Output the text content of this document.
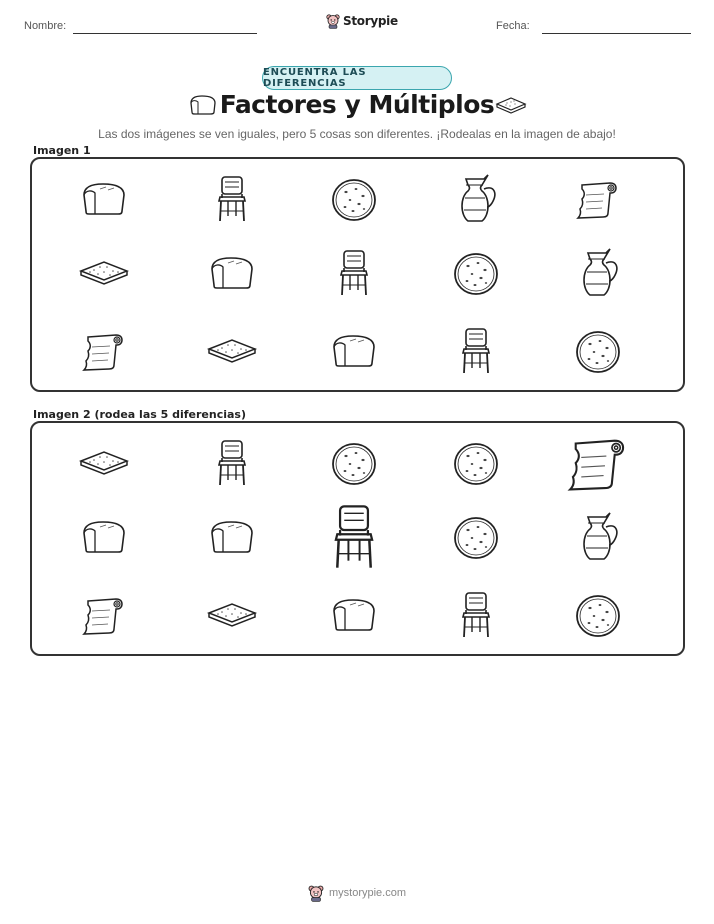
Nombre:	Storypie	Fecha:
ENCUENTRA LAS DIFERENCIAS
Factores y Múltiplos
Las dos imágenes se ven iguales, pero 5 cosas son diferentes. ¡Rodealas en la imagen de abajo!
Imagen 1
Imagen 2 (rodea las 5 diferencias)
mystorypie.com
